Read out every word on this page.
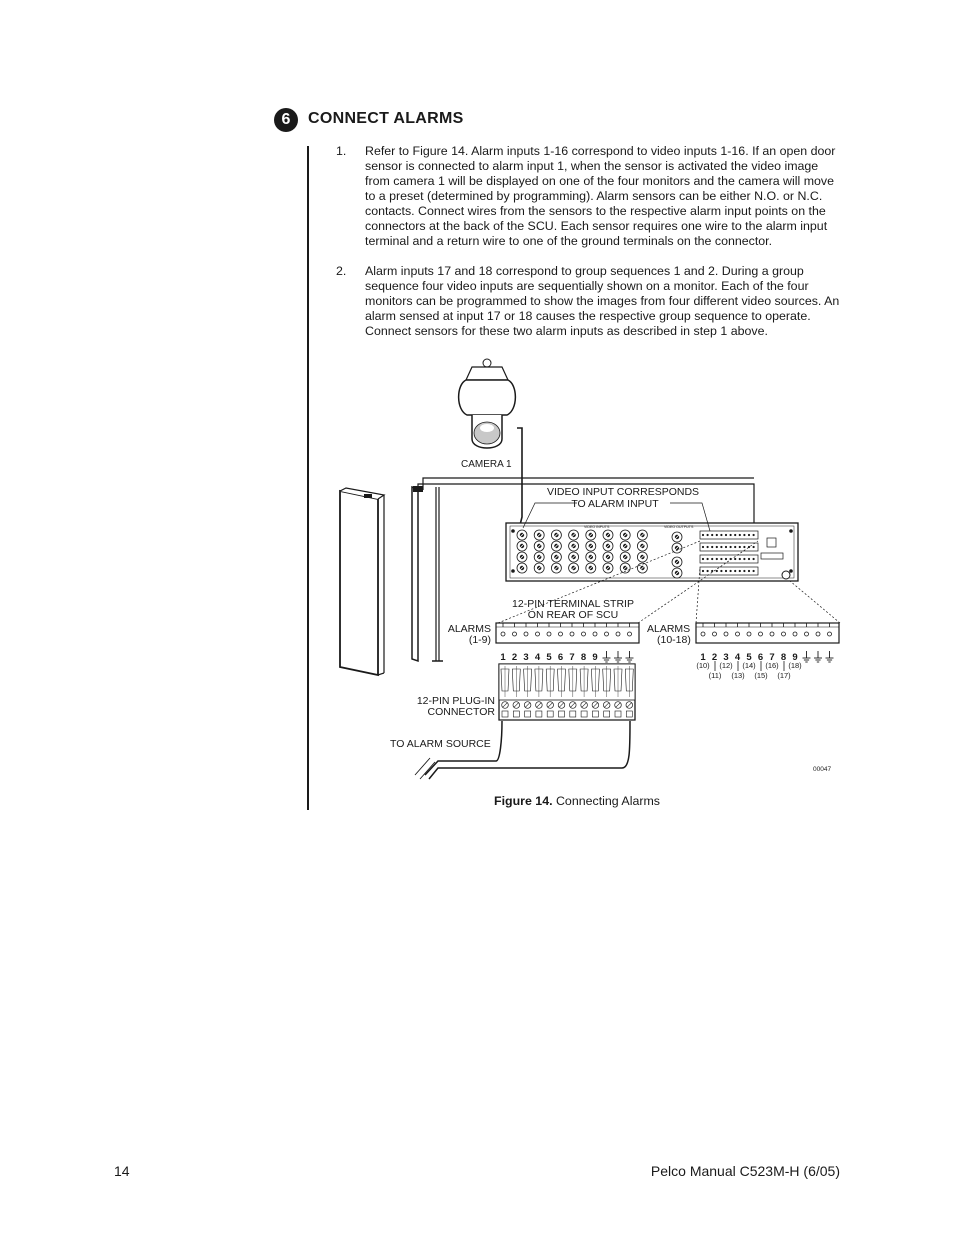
6	CONNECT ALARMS
1.	Refer to Figure 14. Alarm inputs 1-16 correspond to video inputs 1-16. If an open door sensor is connected to alarm input 1, when the sensor is activated the video image from camera 1 will be displayed on one of the four monitors and the camera will move to a preset (determined by programming). Alarm sensors can be either N.O. or N.C. contacts. Connect wires from the sensors to the respective alarm input points on the connectors at the back of the SCU. Each sensor requires one wire to the alarm input terminal and a return wire to one of the ground terminals on the connector.
2.	Alarm inputs 17 and 18 correspond to group sequences 1 and 2. During a group sequence four video inputs are sequentially shown on a monitor. Each of the four monitors can be programmed to show the images from four different video sources. An alarm sensed at input 17 or 18 causes the respective group sequence to operate. Connect sensors for these two alarm inputs as described in step 1 above.
VIDEO INPUTS	VIDEO OUTPUTS
VIDEO INPUT CORRESPONDS
TO ALARM INPUT
CAMERA 1
12-PIN TERMINAL STRIP
ON REAR OF SCU
ALARMS
(1-9)
ALARMS
(10-18)
1 2 3 4 5 6 7 8 9	1 2 3 4 5 6 7 8 9
(10) (12) (14) (16) (18)
(11) (13) (15) (17)
12-PIN PLUG-IN
CONNECTOR
TO ALARM SOURCE
00047
Figure 14. Connecting Alarms
14	Pelco Manual C523M-H (6/05)
